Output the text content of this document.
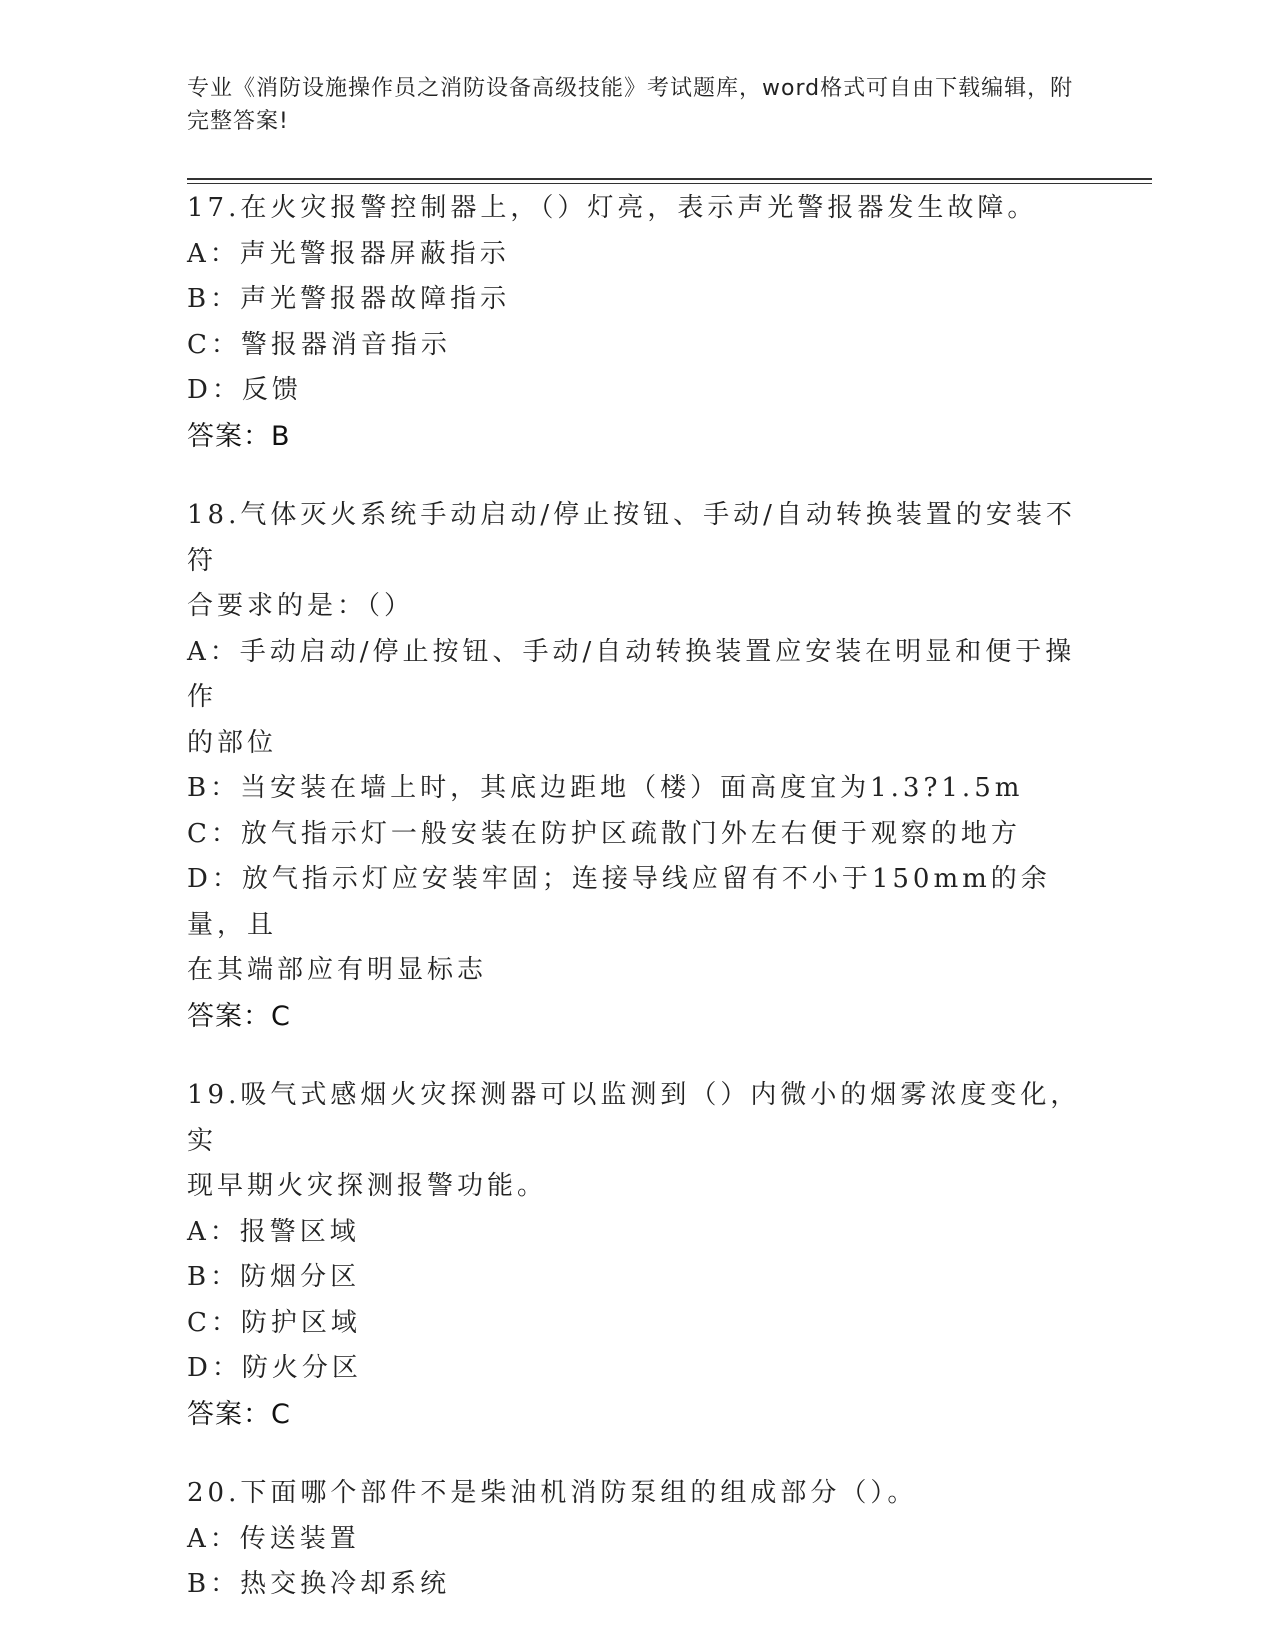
专业《消防设施操作员之消防设备高级技能》考试题库，word格式可自由下载编辑，附完整答案!

17.在火灾报警控制器上，（）灯亮，表示声光警报器发生故障。

A：声光警报器屏蔽指示

B：声光警报器故障指示

C：警报器消音指示

D：反馈

答案：B

18.气体灭火系统手动启动/停止按钮、手动/自动转换装置的安装不符

合要求的是：（）

A：手动启动/停止按钮、手动/自动转换装置应安装在明显和便于操作

的部位

B：当安装在墙上时，其底边距地（楼）面高度宜为1.3?1.5m

C：放气指示灯一般安装在防护区疏散门外左右便于观察的地方

D：放气指示灯应安装牢固；连接导线应留有不小于150mm的余量，且

在其端部应有明显标志

答案：C

19.吸气式感烟火灾探测器可以监测到（）内微小的烟雾浓度变化，实

现早期火灾探测报警功能。

A：报警区域

B：防烟分区

C：防护区域

D：防火分区

答案：C

20.下面哪个部件不是柴油机消防泵组的组成部分（）。

A：传送装置

B：热交换冷却系统
